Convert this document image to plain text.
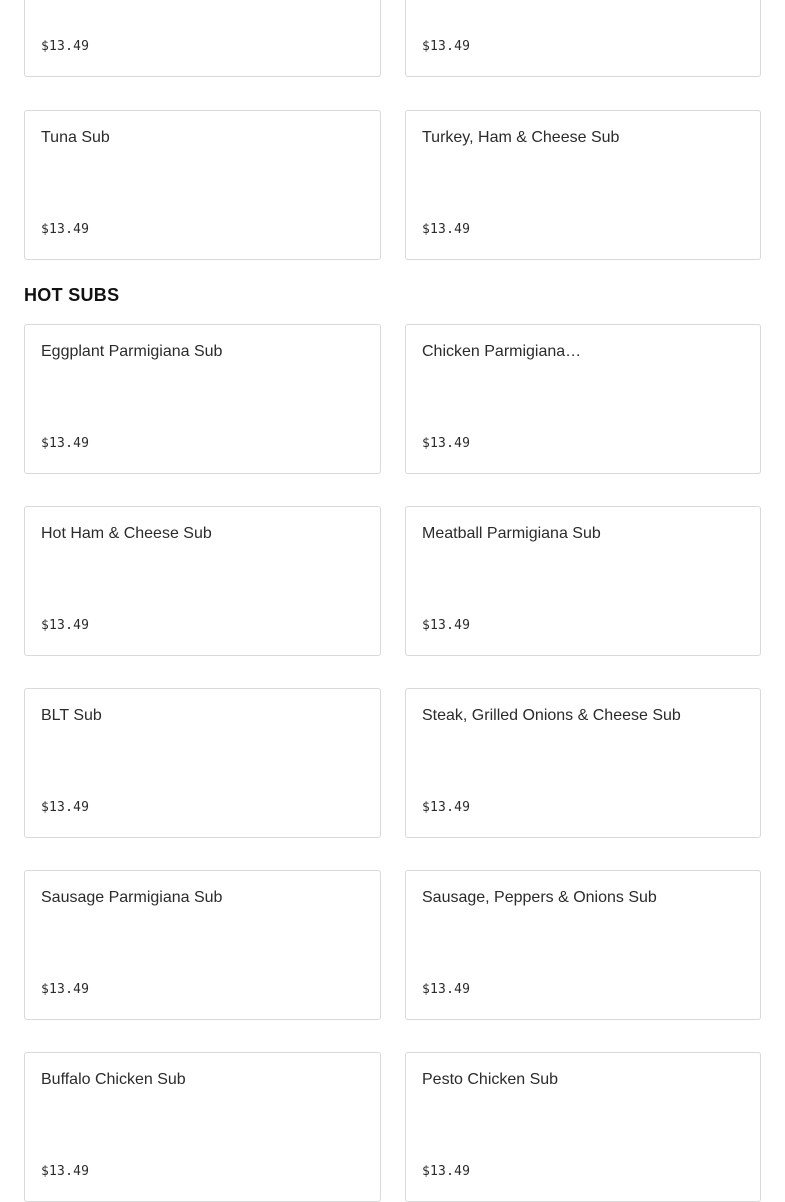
$13.49	$13.49
Tuna Sub
$13.49
Turkey, Ham & Cheese Sub
$13.49
HOT SUBS
Eggplant Parmigiana Sub
$13.49
Chicken Parmigiana…
$13.49
Hot Ham & Cheese Sub
$13.49
Meatball Parmigiana Sub
$13.49
BLT Sub
$13.49
Steak, Grilled Onions & Cheese Sub
$13.49
Sausage Parmigiana Sub
$13.49
Sausage, Peppers & Onions Sub
$13.49
Buffalo Chicken Sub
$13.49
Pesto Chicken Sub
$13.49
